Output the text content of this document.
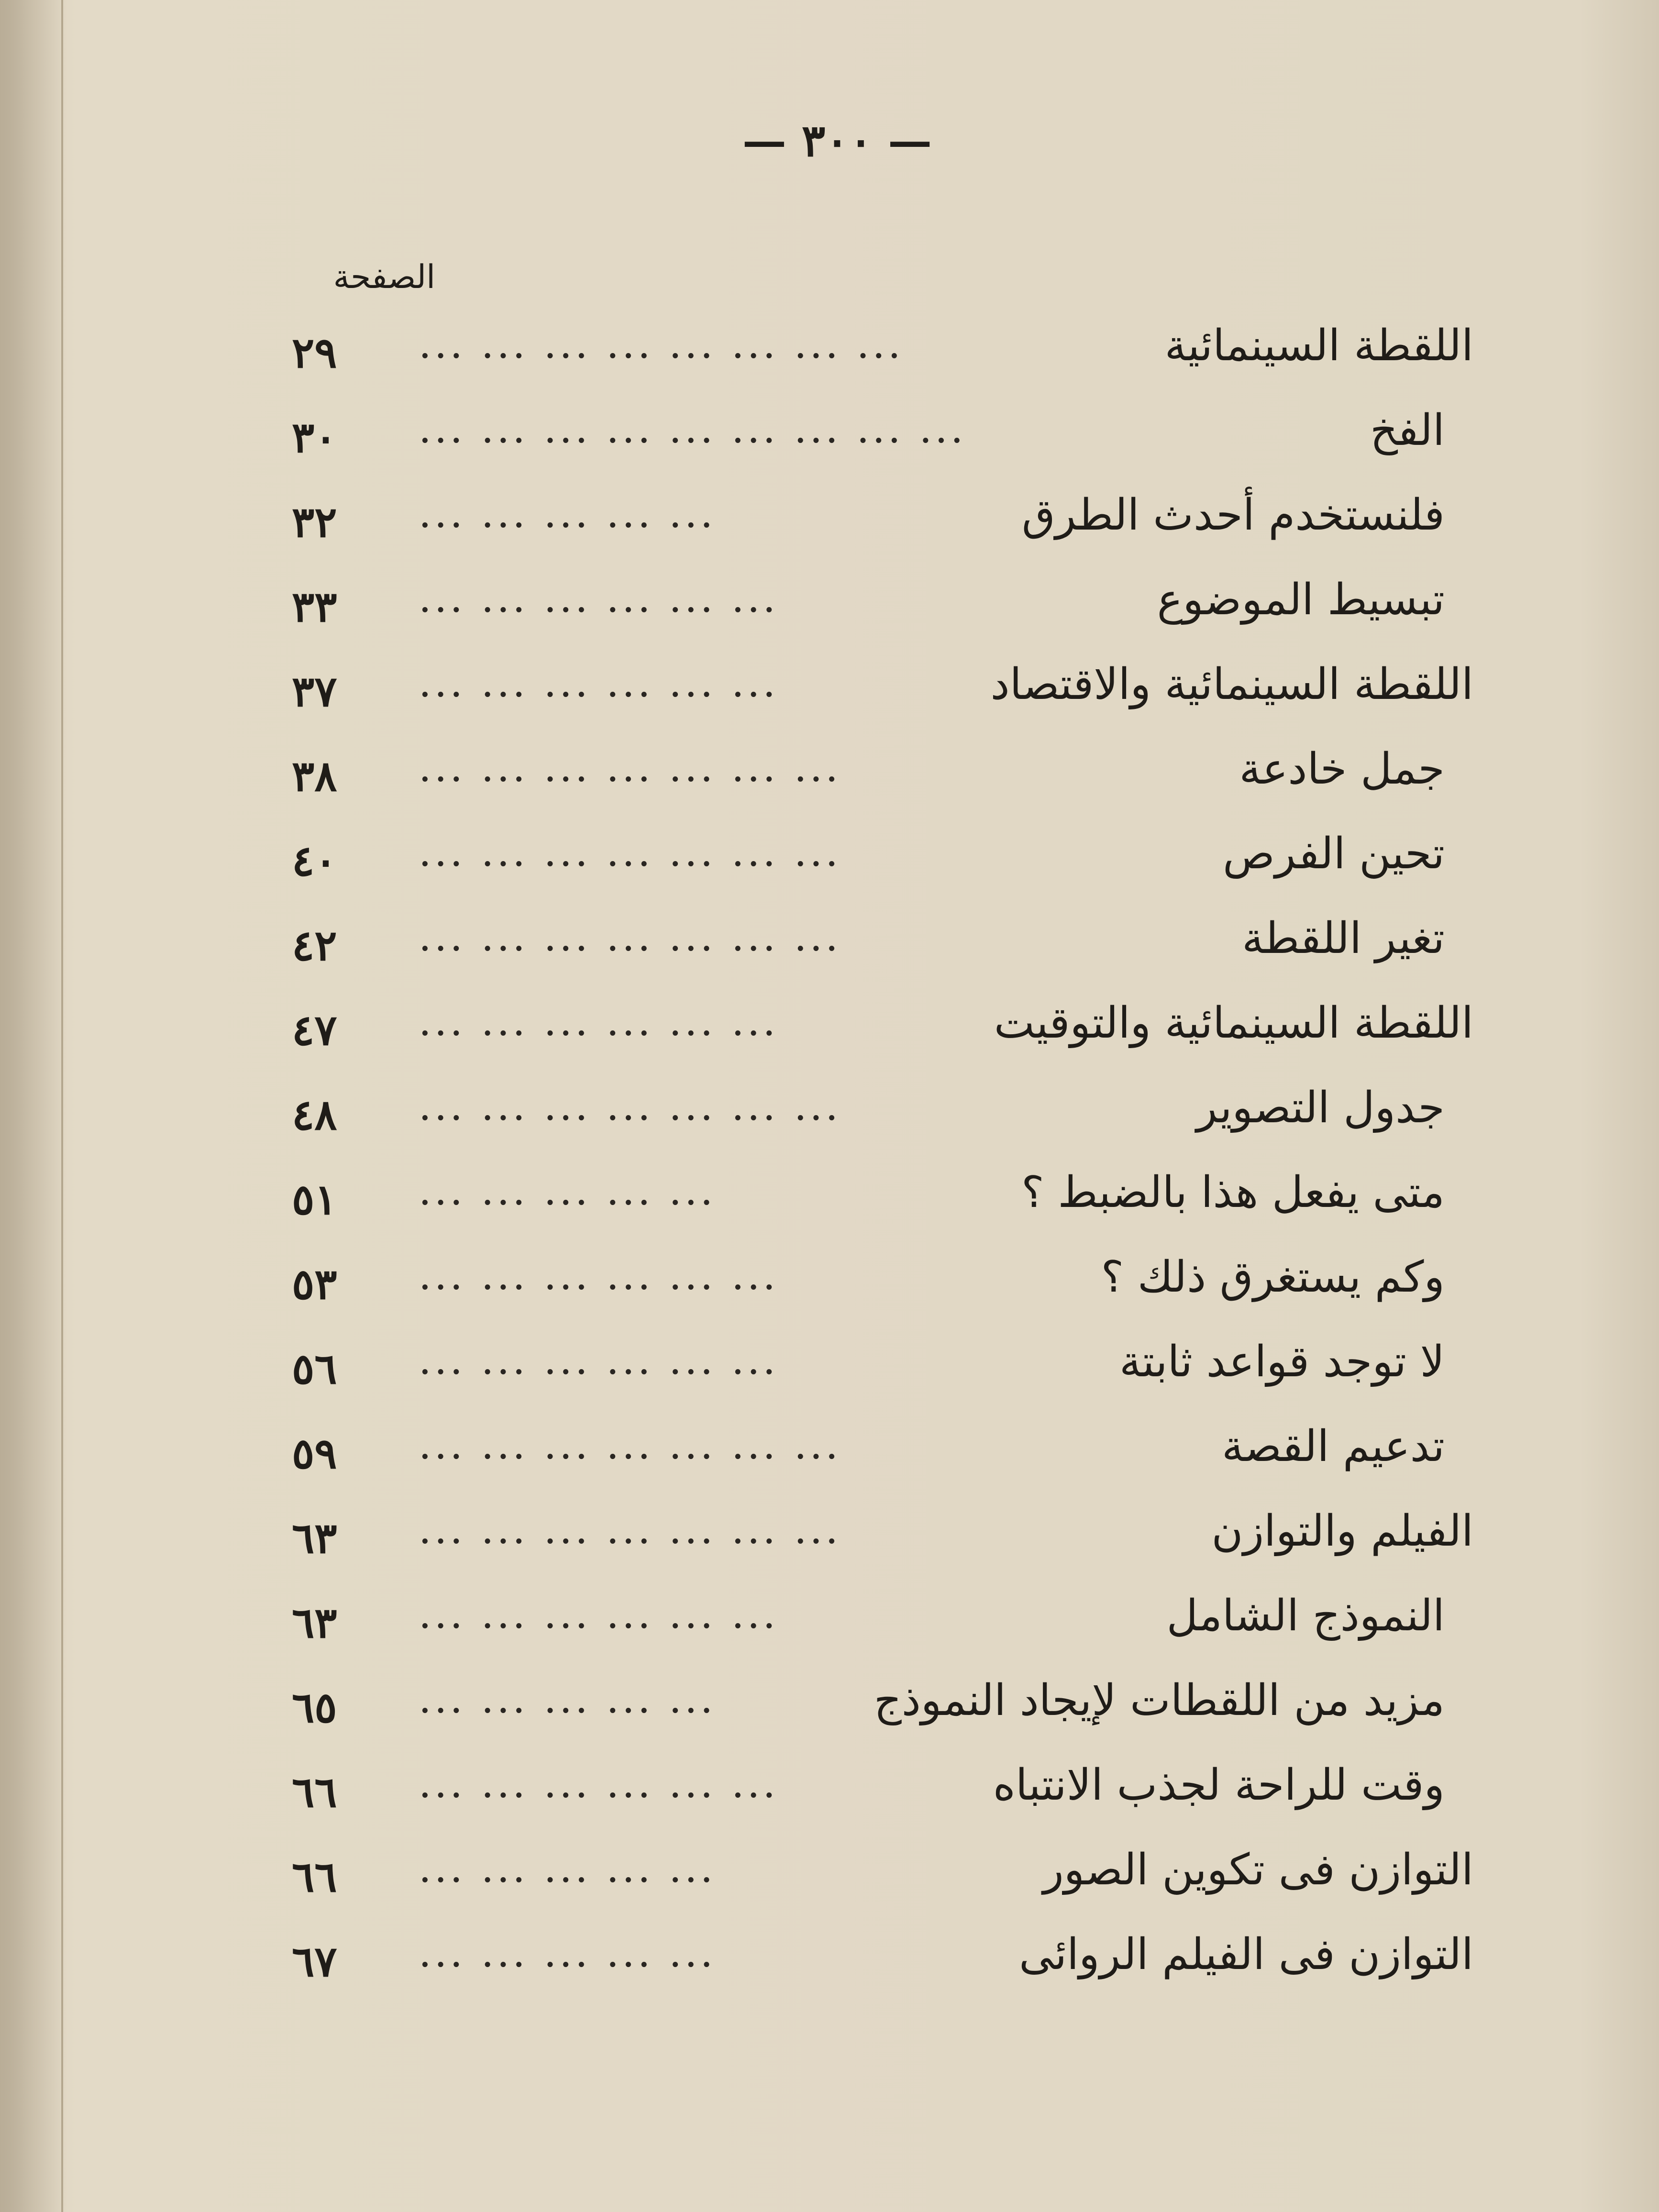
— ٣٠٠ —
الصفحة
اللقطة السينمائية
... ... ... ... ... ... ... ...
٢٩
الفخ
... ... ... ... ... ... ... ... ...
٣٠
فلنستخدم أحدث الطرق
... ... ... ... ...
٣٢
تبسيط الموضوع
... ... ... ... ... ...
٣٣
اللقطة السينمائية والاقتصاد
... ... ... ... ... ...
٣٧
جمل خادعة
... ... ... ... ... ... ...
٣٨
تحين الفرص
... ... ... ... ... ... ...
٤٠
تغير اللقطة
... ... ... ... ... ... ...
٤٢
اللقطة السينمائية والتوقيت
... ... ... ... ... ...
٤٧
جدول التصوير
... ... ... ... ... ... ...
٤٨
متى يفعل هذا بالضبط ؟
... ... ... ... ...
٥١
وكم يستغرق ذلك ؟
... ... ... ... ... ...
٥٣
لا توجد قواعد ثابتة
... ... ... ... ... ...
٥٦
تدعيم القصة
... ... ... ... ... ... ...
٥٩
الفيلم والتوازن
... ... ... ... ... ... ...
٦٣
النموذج الشامل
... ... ... ... ... ...
٦٣
مزيد من اللقطات لإيجاد النموذج
... ... ... ... ...
٦٥
وقت للراحة لجذب الانتباه
... ... ... ... ... ...
٦٦
التوازن فى تكوين الصور
... ... ... ... ...
٦٦
التوازن فى الفيلم الروائى
... ... ... ... ...
٦٧
